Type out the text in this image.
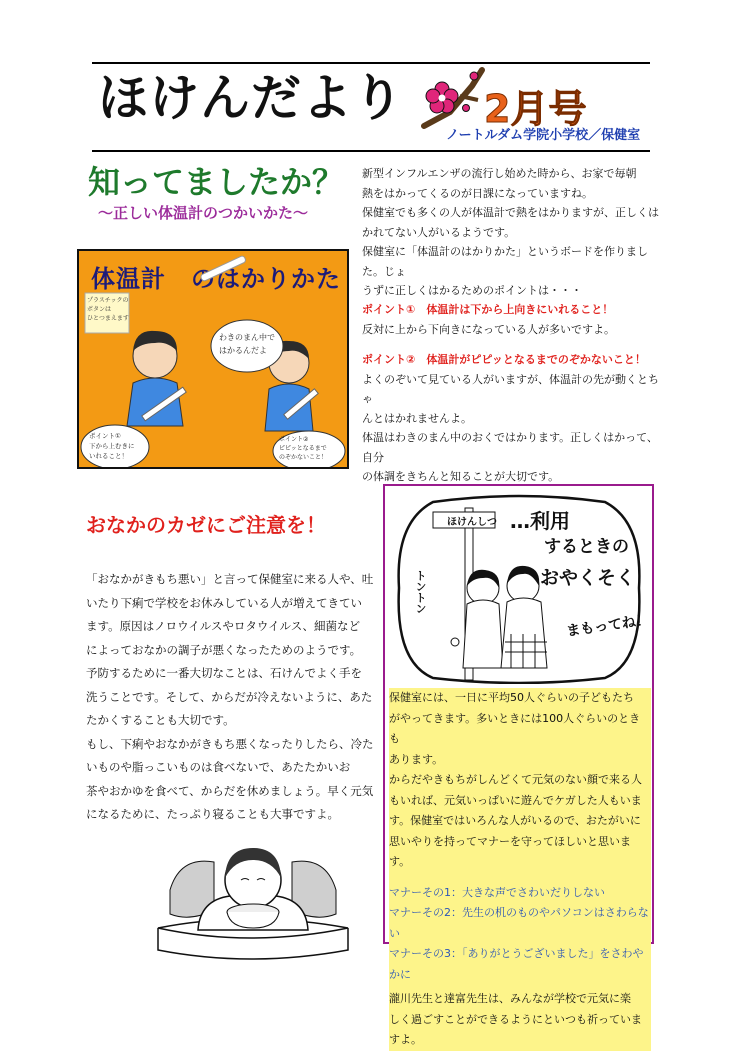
ほけんだより 2月号
ノートルダム学院小学校／保健室
知ってましたか？
～正しい体温計のつかいかた～
新型インフルエンザの流行し始めた時から、お家で毎朝
熱をはかってくるのが日課になっていますね。
保健室でも多くの人が体温計で熱をはかりますが、正しくは
かれてない人がいるようです。
保健室に「体温計のはかりかた」というボードを作りました。じょ
うずに正しくはかるためのポイントは・・・
ポイント①　体温計は下から上向きにいれること！
反対に上から下向きになっている人が多いですよ。
ポイント②　体温計がピピッとなるまでのぞかないこと！
よくのぞいて見ている人がいますが、体温計の先が動くとちゃ
んとはかれませんよ。
体温はわきのまん中のおくではかります。正しくはかって、自分
の体調をきちんと知ることが大切です。
体温計　のはかりかた
プラスチックの
ボタンは
ひとつまえます
わきのまん中で
はかるんだよ
ポイント①
下から上むきに
いれること！
ポイント②
ピピッとなるまで
のぞかないこと！
おなかのカゼにご注意を！
「おなかがきもち悪い」と言って保健室に来る人や、吐
いたり下痢で学校をお休みしている人が増えてきてい
ます。原因はノロウイルスやロタウイルス、細菌など
によっておなかの調子が悪くなったためのようです。
予防するために一番大切なことは、石けんでよく手を
洗うことです。そして、からだが冷えないように、あた
たかくすることも大切です。
もし、下痢やおなかがきもち悪くなったりしたら、冷た
いものや脂っこいものは食べないで、あたたかいお
茶やおかゆを食べて、からだを休めましょう。早く元気
になるために、たっぷり寝ることも大事ですよ。
ほけんしつ
トントン
…利用
するときの
おやくそく
まもってね！
保健室には、一日に平均50人ぐらいの子どもたち
がやってきます。多いときには100人ぐらいのときも
あります。
からだやきもちがしんどくて元気のない顔で来る人
もいれば、元気いっぱいに遊んでケガした人もいま
す。保健室ではいろんな人がいるので、おたがいに
思いやりを持ってマナーを守ってほしいと思います。
マナーその1：大きな声でさわいだりしない
マナーその2：先生の机のものやパソコンはさわらない
マナーその3：「ありがとうございました」をさわやかに
瀧川先生と達富先生は、みんなが学校で元気に楽
しく過ごすことができるようにといつも祈っていますよ。
